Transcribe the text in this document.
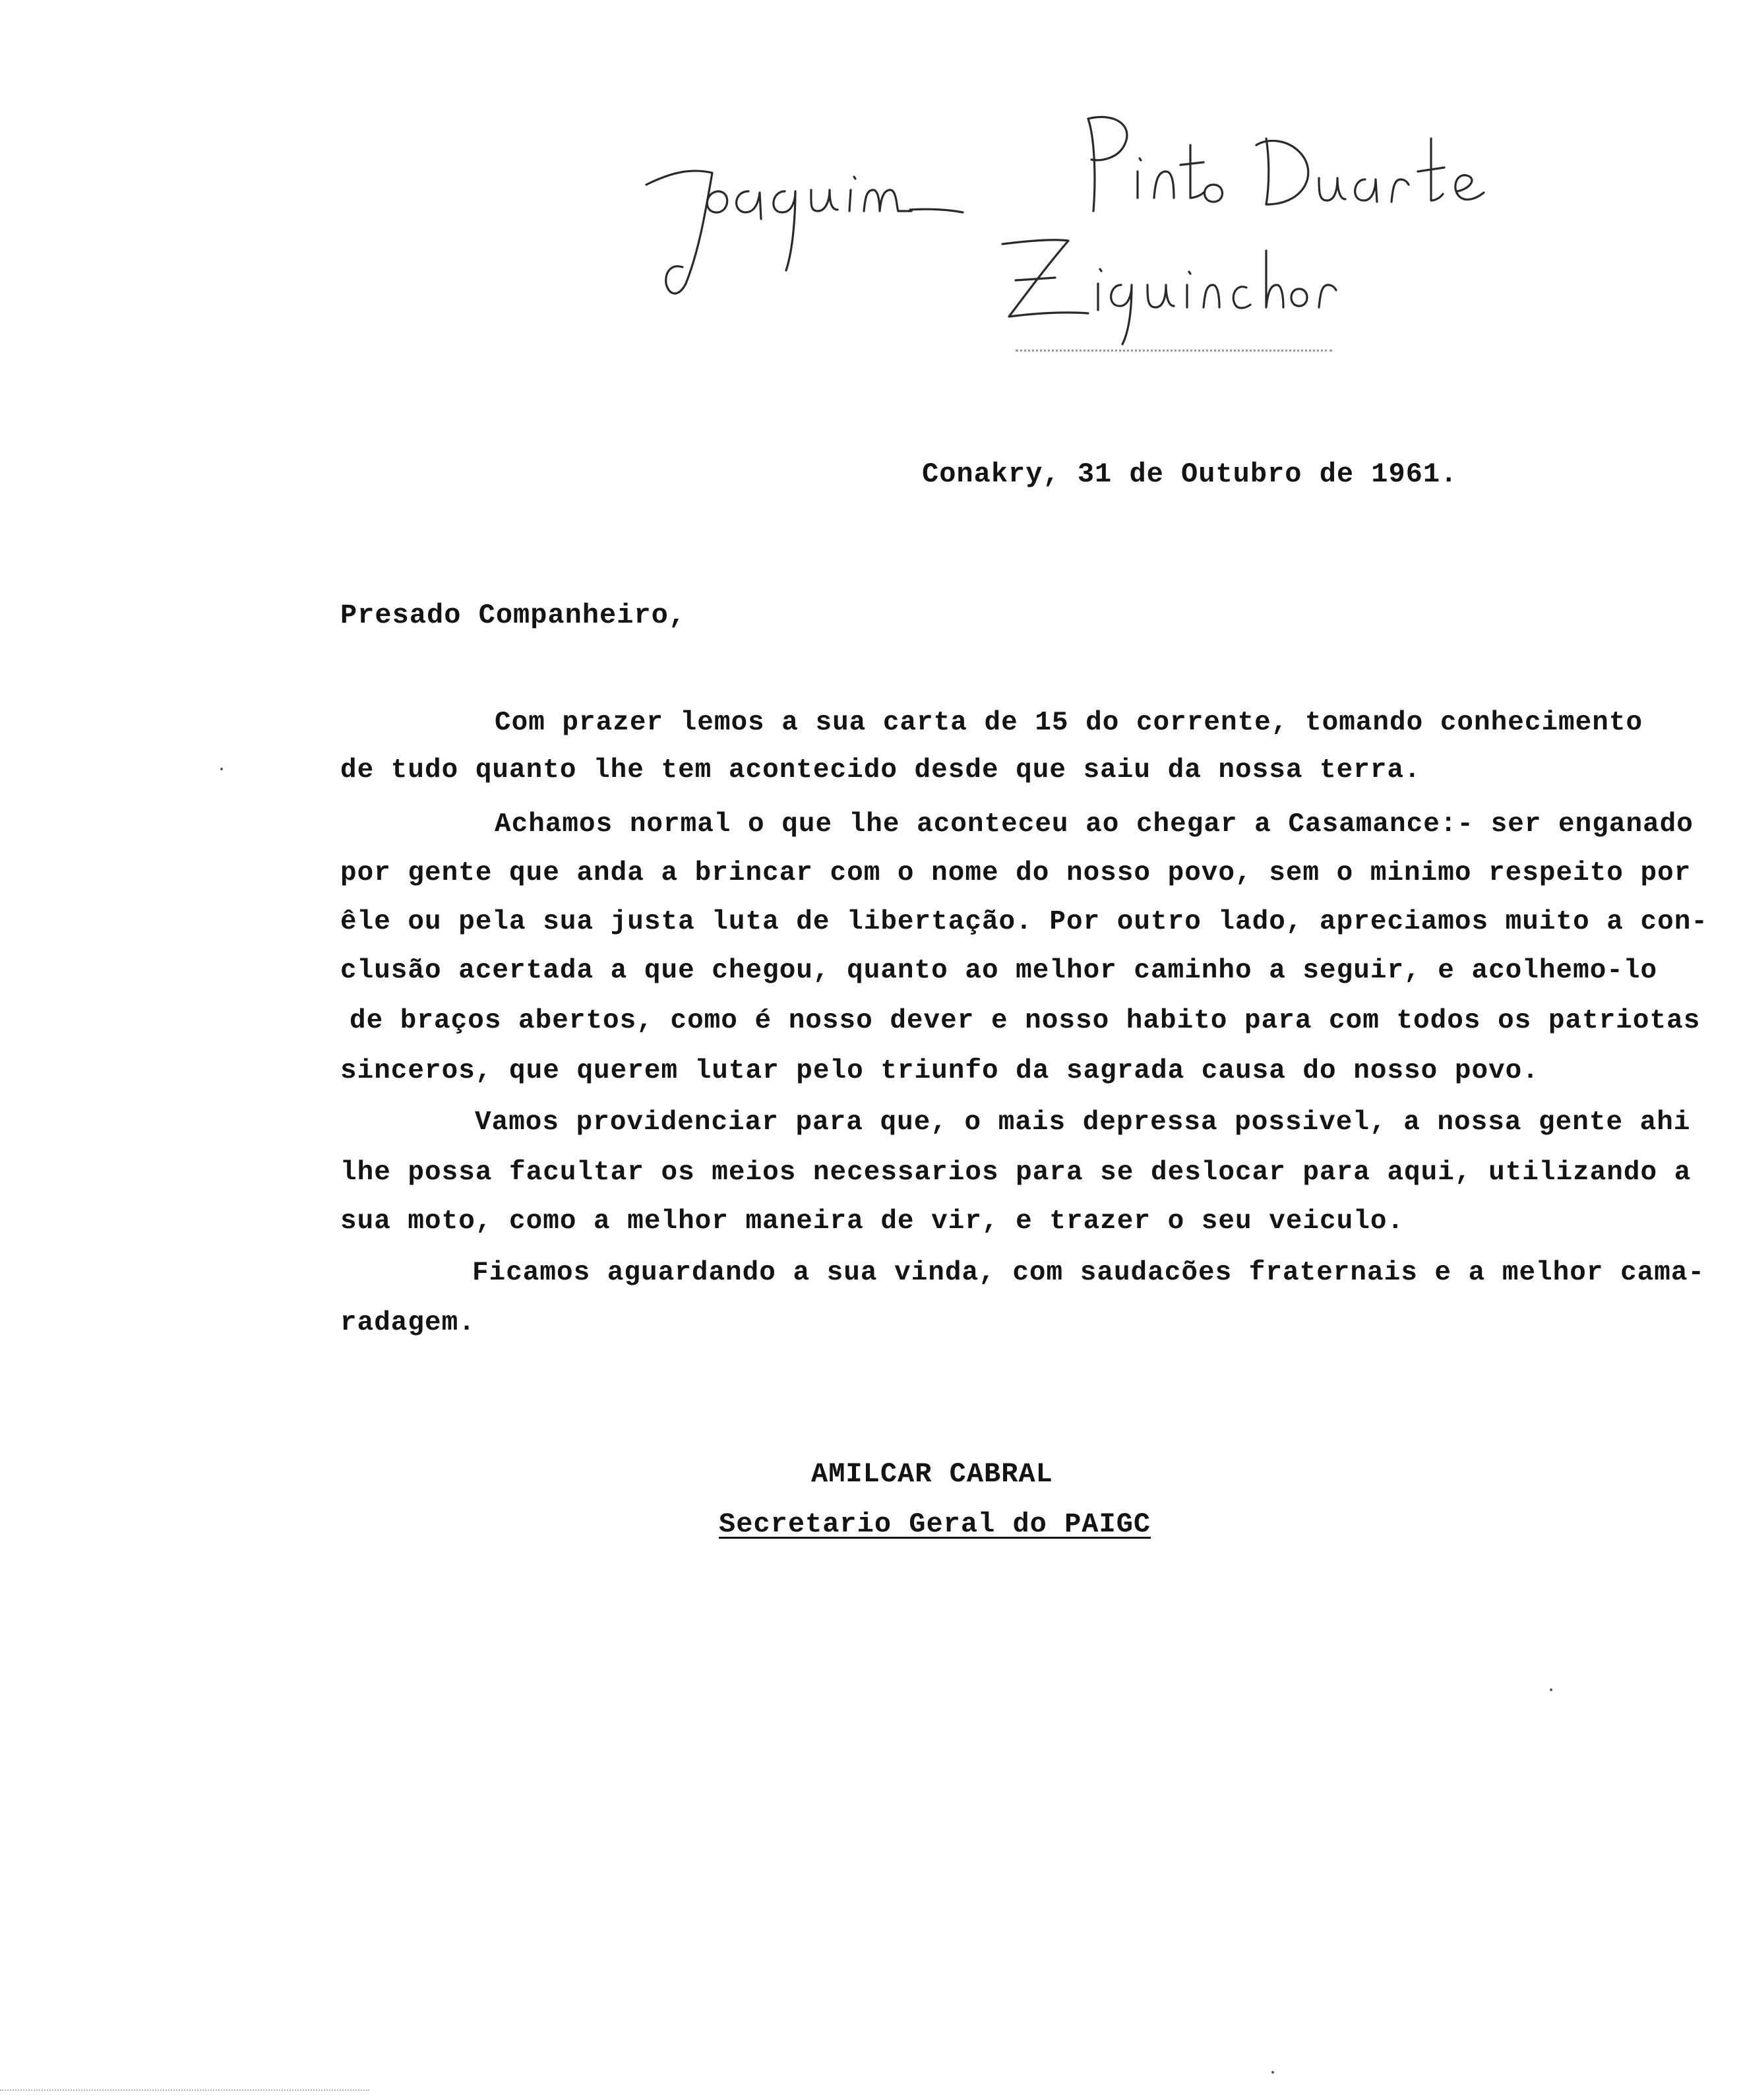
Conakry, 31 de Outubro de 1961.
Presado Companheiro,
Com prazer lemos a sua carta de 15 do corrente, tomando conhecimento
de tudo quanto lhe tem acontecido desde que saiu da nossa terra.
Achamos normal o que lhe aconteceu ao chegar a Casamance:- ser enganado
por gente que anda a brincar com o nome do nosso povo, sem o minimo respeito por
êle ou pela sua justa luta de libertação. Por outro lado, apreciamos muito a con-
clusão acertada a que chegou, quanto ao melhor caminho a seguir, e acolhemo-lo
de braços abertos, como é nosso dever e nosso habito para com todos os patriotas
sinceros, que querem lutar pelo triunfo da sagrada causa do nosso povo.
Vamos providenciar para que, o mais depressa possivel, a nossa gente ahi
lhe possa facultar os meios necessarios para se deslocar para aqui, utilizando a
sua moto, como a melhor maneira de vir, e trazer o seu veiculo.
Ficamos aguardando a sua vinda, com saudacões fraternais e a melhor cama-
radagem.
AMILCAR CABRAL
Secretario Geral do PAIGC
